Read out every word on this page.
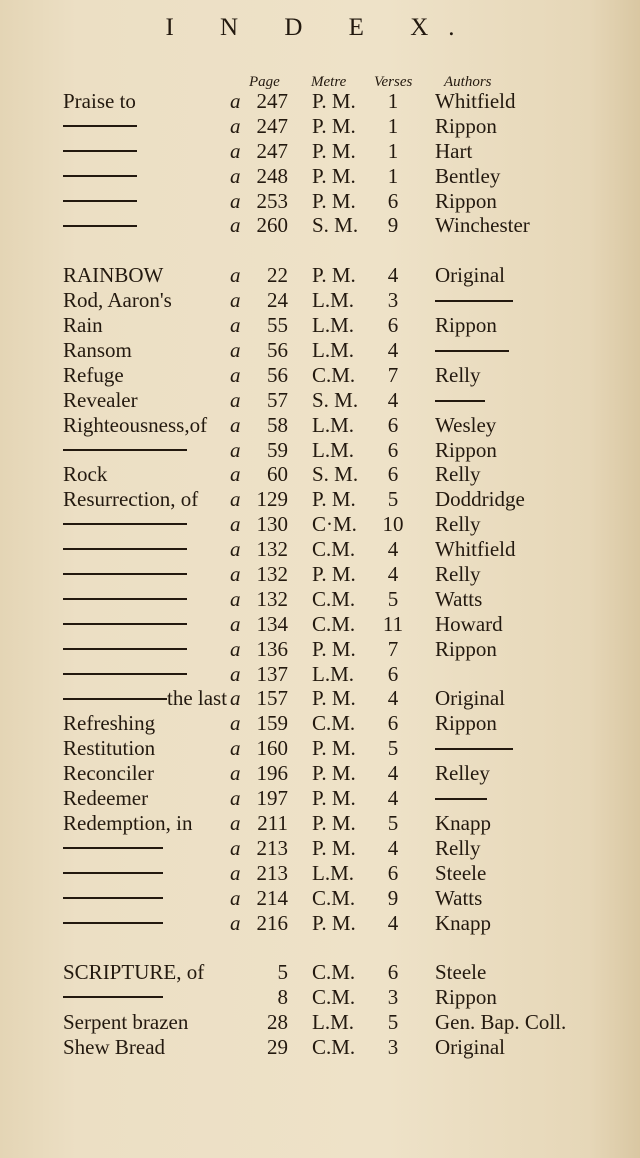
I N D E X.
Page Metre Verses Authors
Praise to	a 247 P. M.	1	Whitfield
a 247 P. M.	1	Rippon
a 247 P. M.	1	Hart
a 248 P. M.	1	Bentley
a 253 P. M.	6	Rippon
a 260 S. M.	9	Winchester
RAINBOW	a	22 P. M.	4	Original
Rod, Aaron's	a	24 L.M.	3
Rain	a	55 L.M.	6	Rippon
Ransom	a	56 L.M.	4
Refuge	a	56 C.M.	7	Relly
Revealer	a	57 S. M.	4
Righteousness,of a	58 L.M.	6	Wesley
a	59 L.M.	6	Rippon
Rock	a	60 S. M.	6	Relly
Resurrection, of a 129 P. M.	5	Doddridge
a 130 C·M. 10 Relly
a 132 C.M.	4	Whitfield
a 132 P. M.	4	Relly
a 132 C.M.	5	Watts
a 134 C.M. 11 Howard
a 136 P. M.	7	Rippon
a 137 L.M.	6
the last a 157 P. M.	4	Original
Refreshing	a 159 C.M.	6	Rippon
Restitution	a 160 P. M.	5
Reconciler	a 196 P. M.	4	Relley
Redeemer	a 197 P. M.	4
Redemption, in a 211 P. M.	5	Knapp
a 213 P. M.	4	Relly
a 213 L.M.	6	Steele
a 214 C.M.	9	Watts
a 216 P. M.	4	Knapp
SCRIPTURE, of	5 C.M.	6	Steele
8 C.M.	3	Rippon
Serpent brazen	28 L.M.	5	Gen. Bap. Coll.
Shew Bread	29 C.M.	3	Original
